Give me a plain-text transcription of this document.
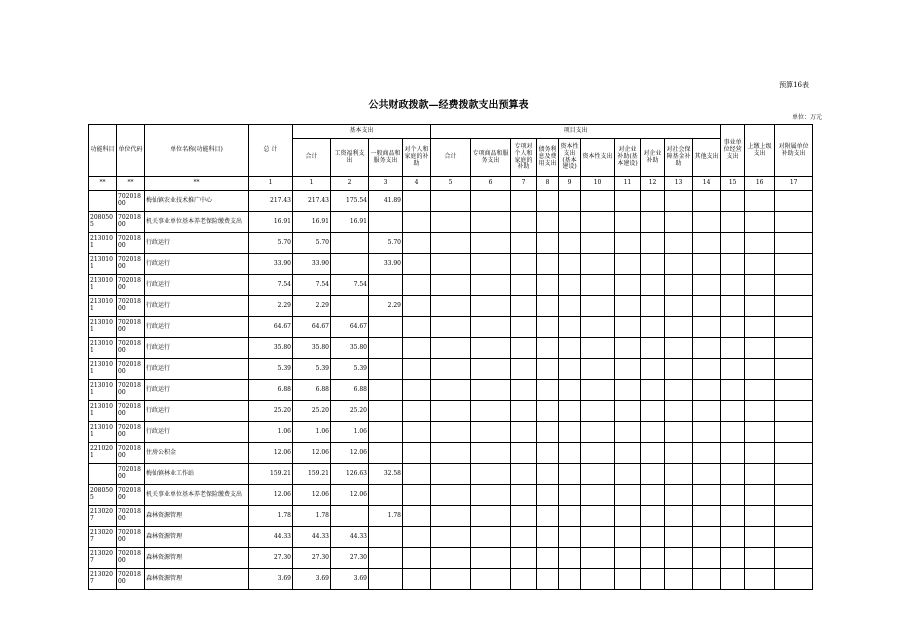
预算16表
公共财政拨款—经费拨款支出预算表
单位：万元
功能科目	单位代码	单位名称(功能科目)	总 计	基本支出				项目支出										事业单位经营支出	上缴上级支出	对附属单位补助支出
				合计	工资福利支出	一般商品和服务支出	对个人和家庭的补助	合计	专项商品和服务支出	专项对个人和家庭的补助	债务利息及费用支出	资本性支出(基本建设)	资本性支出	对企业补助(基本建设)	对企业补助	对社会保障基金补助	其他支出			
**	**	**	1	1	2	3	4	5	6	7	8	9	10	11	12	13	14	15	16	17
	70201800	梅仙镇农业技术推广中心	217.43	217.43	175.54	41.89														
2080505	70201800	机关事业单位基本养老保险缴费支出	16.91	16.91	16.91															
2130101	70201800	行政运行	5.70	5.70		5.70														
2130101	70201800	行政运行	33.90	33.90		33.90														
2130101	70201800	行政运行	7.54	7.54	7.54															
2130101	70201800	行政运行	2.29	2.29		2.29														
2130101	70201800	行政运行	64.67	64.67	64.67															
2130101	70201800	行政运行	35.80	35.80	35.80															
2130101	70201800	行政运行	5.39	5.39	5.39															
2130101	70201800	行政运行	6.88	6.88	6.88															
2130101	70201800	行政运行	25.20	25.20	25.20															
2130101	70201800	行政运行	1.06	1.06	1.06															
2210201	70201800	住房公积金	12.06	12.06	12.06															
	70201800	梅仙镇林业工作站	159.21	159.21	126.63	32.58														
2080505	70201800	机关事业单位基本养老保险缴费支出	12.06	12.06	12.06															
2130207	70201800	森林资源管理	1.78	1.78		1.78														
2130207	70201800	森林资源管理	44.33	44.33	44.33															
2130207	70201800	森林资源管理	27.30	27.30	27.30															
2130207	70201800	森林资源管理	3.69	3.69	3.69															
